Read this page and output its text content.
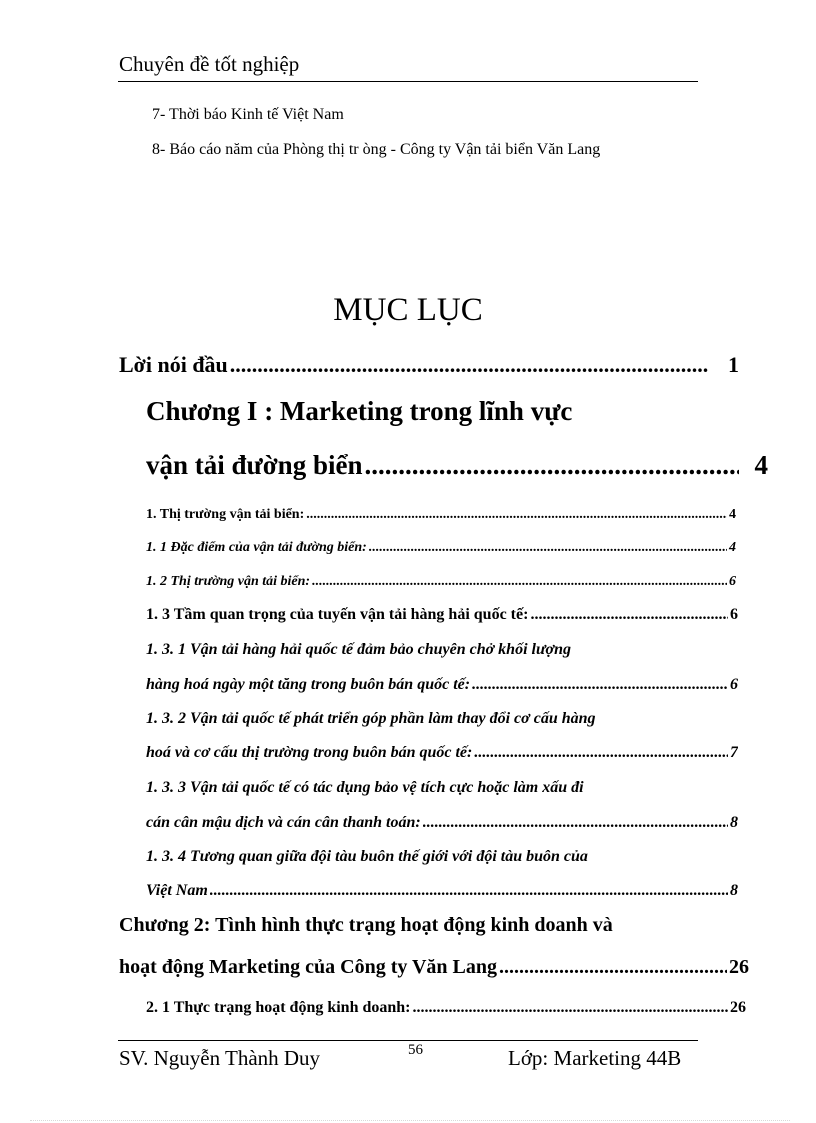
Chuyên đề tốt nghiệp
7- Thời báo Kinh tế Việt Nam
8- Báo cáo năm của Phòng thị tr òng - Công ty Vận tải biển Văn Lang
MỤC LỤC
Lời nói đầu .....	1
Chương I : Marketing trong lĩnh vực
vận tải đường biển .....	4
1. Thị trường vận tải biển: .....	4
1. 1 Đặc điểm của vận tải đường biển: .....	4
1. 2 Thị trường vận tải biển: .....	6
1. 3 Tầm quan trọng của tuyến vận tải hàng hải quốc tế: .....	6
1. 3. 1 Vận tải hàng hải quốc tế đảm bảo chuyên chở khối lượng
hàng hoá ngày một tăng trong buôn bán quốc tế: .....	6
1. 3. 2 Vận tải quốc tế phát triển góp phần làm thay đổi cơ cấu hàng
hoá và cơ cấu thị trường trong buôn bán quốc tế: .....	7
1. 3. 3 Vận tải quốc tế có tác dụng bảo vệ tích cực hoặc làm xấu đi
cán cân mậu dịch và cán cân thanh toán: .....	8
1. 3. 4 Tương quan giữa đội tàu buôn thế giới với đội tàu buôn của
Việt Nam .....	8
Chương 2: Tình hình thực trạng hoạt động kinh doanh và
hoạt động Marketing của Công ty Văn Lang .....	26
2. 1 Thực trạng hoạt động kinh doanh: .....	26
SV. Nguyễn Thành Duy	56	Lớp: Marketing 44B
